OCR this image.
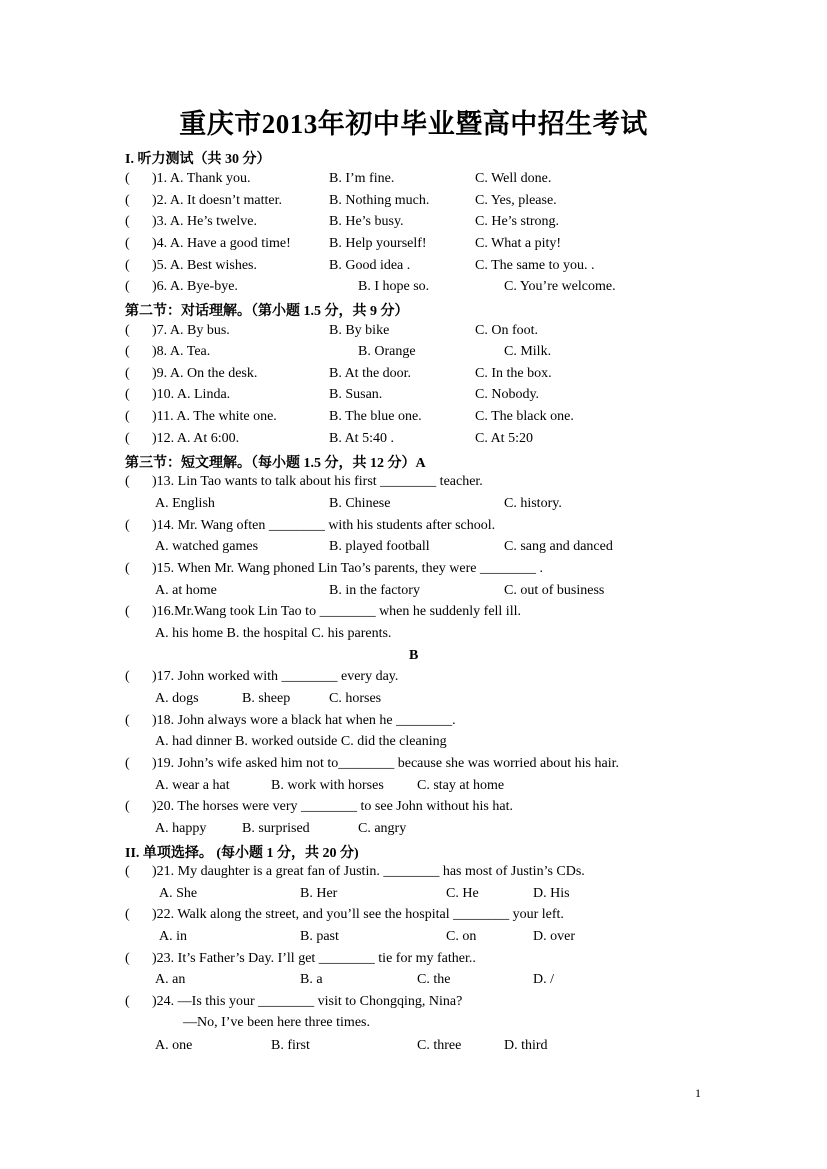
重庆市2013年初中毕业暨高中招生考试
I. 听力测试（共 30 分）
( )1. A. Thank you.	B. I’m fine.	C. Well done.
( )2. A. It doesn’t matter.	B. Nothing much.	C. Yes, please.
( )3. A. He’s twelve.	B. He’s busy.	C. He’s strong.
( )4. A. Have a good time!	B. Help yourself!	C. What a pity!
( )5. A. Best wishes.	B. Good idea .	C. The same to you. .
( )6. A. Bye-bye.	B. I hope so.	C. You’re welcome.
第二节：对话理解。（第小题 1.5 分，共 9 分）
( )7. A. By bus.	B. By bike	C. On foot.
( )8. A. Tea.	B. Orange	C. Milk.
( )9. A. On the desk.	B. At the door.	C. In the box.
( )10. A. Linda.	B. Susan.	C. Nobody.
( )11. A. The white one.	B. The blue one.	C. The black one.
( )12. A. At 6:00.	B. At 5:40 .	C. At 5:20
第三节：短文理解。（每小题 1.5 分，共 12 分）A
( )13. Lin Tao wants to talk about his first ________ teacher.
A. English	B. Chinese	C. history.
( )14. Mr. Wang often ________ with his students after school.
A. watched games	B. played football	C. sang and danced
( )15. When Mr. Wang phoned Lin Tao’s parents, they were ________ .
A. at home	B. in the factory	C. out of business
( )16.Mr.Wang took Lin Tao to ________ when he suddenly fell ill.
A. his home B. the hospital C. his parents.
B
( )17. John worked with ________ every day.
A. dogs	B. sheep	C. horses
( )18. John always wore a black hat when he ________.
A. had dinner B. worked outside C. did the cleaning
( )19. John’s wife asked him not to________ because she was worried about his hair.
A. wear a hat	B. work with horses C. stay at home
( )20. The horses were very ________ to see John without his hat.
A. happy	B. surprised	C. angry
II. 单项选择。 (每小题 1 分，共 20 分)
( )21. My daughter is a great fan of Justin. ________ has most of Justin’s CDs.
A. She	B. Her	C. He	D. His
( )22. Walk along the street, and you’ll see the hospital ________ your left.
A. in	B. past	C. on	D. over
( )23. It’s Father’s Day. I’ll get ________ tie for my father..
A. an	B. a	C. the	D. /
( )24. —Is this your ________ visit to Chongqing, Nina?
—No, I’ve been here three times.
A. one	B. first	C. three	D. third
1
